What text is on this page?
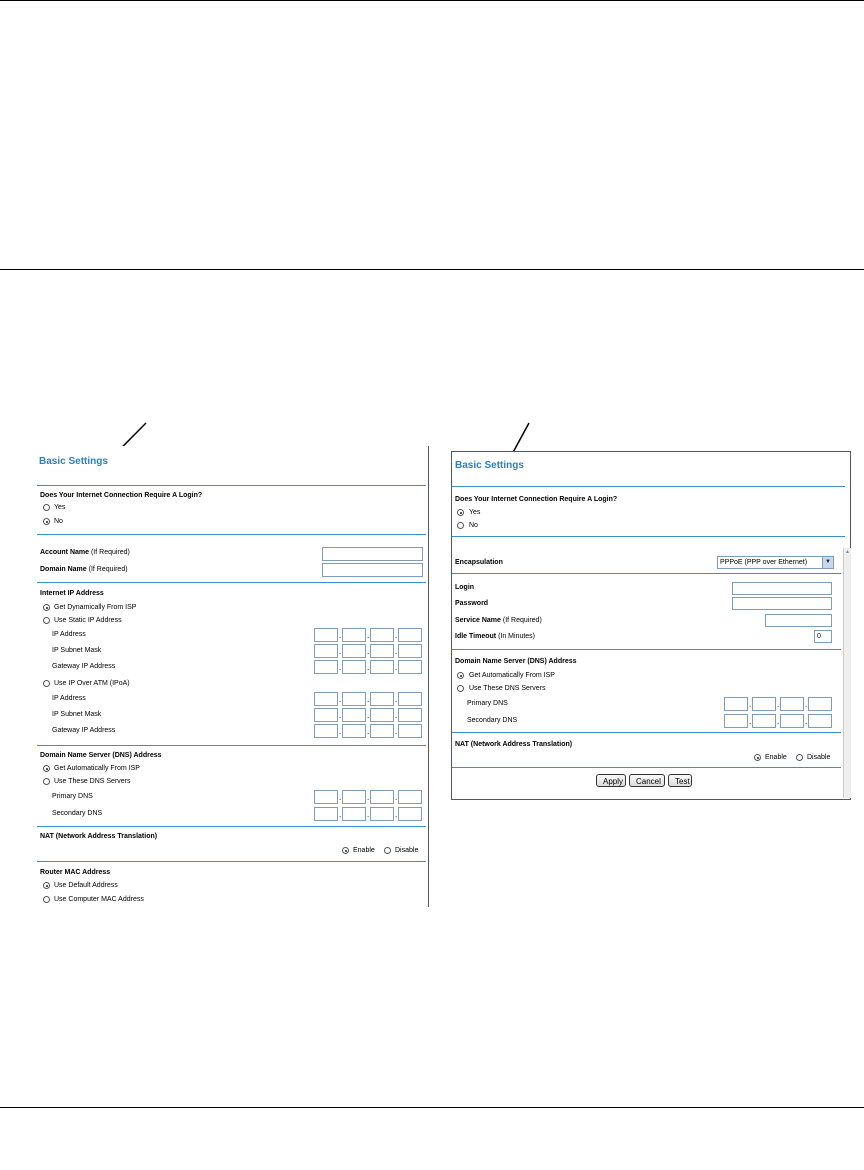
Basic Settings
Does Your Internet Connection Require A Login?
Yes
No
Account Name (If Required)
Domain Name (If Required)
Internet IP Address
Get Dynamically From ISP
Use Static IP Address
IP Address	.	.	.
IP Subnet Mask	.	.	.
Gateway IP Address	.	.	.
Use IP Over ATM (IPoA)
IP Address	.	.	.
IP Subnet Mask	.	.	.
Gateway IP Address	.	.	.
Domain Name Server (DNS) Address
Get Automatically From ISP
Use These DNS Servers
Primary DNS	.	.	.
Secondary DNS	.	.	.
NAT (Network Address Translation)
Enable	Disable
Router MAC Address
Use Default Address
Use Computer MAC Address
Basic Settings
Does Your Internet Connection Require A Login?
Yes
No
▲
Encapsulation	PPPoE (PPP over Ethernet)	▼
Login
Password
Service Name (If Required)
Idle Timeout (In Minutes)	0
Domain Name Server (DNS) Address
Get Automatically From ISP
Use These DNS Servers
Primary DNS	.	.	.
Secondary DNS	.	.	.
NAT (Network Address Translation)
Enable	Disable
Apply	Cancel	Test
